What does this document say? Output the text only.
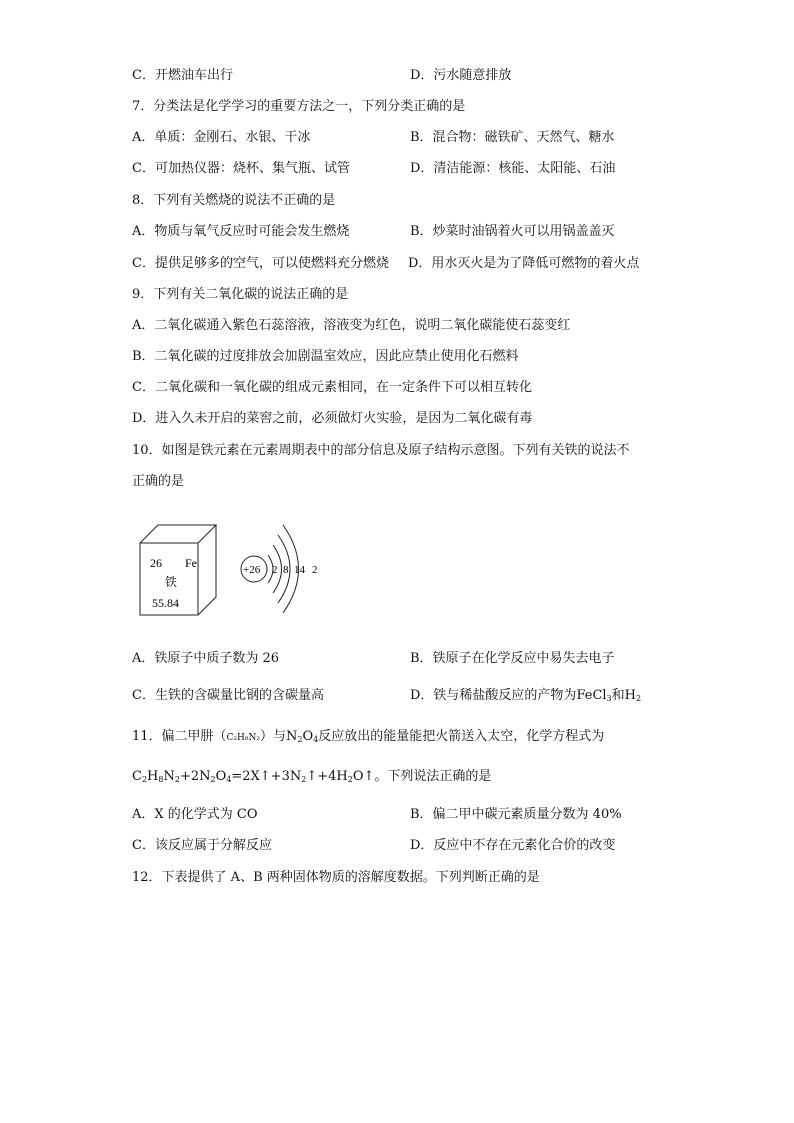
C．开燃油车出行	D．污水随意排放
7．分类法是化学学习的重要方法之一，下列分类正确的是
A．单质：金刚石、水银、干冰	B．混合物：磁铁矿、天然气、糖水
C．可加热仪器：烧杯、集气瓶、试管	D．清洁能源：核能、太阳能、石油
8．下列有关燃烧的说法不正确的是
A．物质与氧气反应时可能会发生燃烧	B．炒菜时油锅着火可以用锅盖盖灭
C．提供足够多的空气，可以使燃料充分燃烧 D．用水灭火是为了降低可燃物的着火点
9．下列有关二氧化碳的说法正确的是
A．二氧化碳通入紫色石蕊溶液，溶液变为红色，说明二氧化碳能使石蕊变红
B．二氧化碳的过度排放会加剧温室效应，因此应禁止使用化石燃料
C．二氧化碳和一氧化碳的组成元素相同，在一定条件下可以相互转化
D．进入久未开启的菜窖之前，必须做灯火实验，是因为二氧化碳有毒
10．如图是铁元素在元素周期表中的部分信息及原子结构示意图。下列有关铁的说法不
正确的是
26 Fe
铁
55.84
+26 2 8 14 2
A．铁原子中质子数为 26	B．铁原子在化学反应中易失去电子
C．生铁的含碳量比钢的含碳量高	D．铁与稀盐酸反应的产物为FeCl$_3$和$H_2$
11．偏二甲肼（C₂H₈N₂）与$N_2O_4$反应放出的能量能把火箭送入太空，化学方程式为
$C_2H_8N_2+2N_2O_4=2X↑+3N_2↑+4H_2O↑$。下列说法正确的是
A．X 的化学式为 CO	B．偏二甲中碳元素质量分数为 40%
C．该反应属于分解反应	D．反应中不存在元素化合价的改变
12．下表提供了 A、B 两种固体物质的溶解度数据。下列判断正确的是
